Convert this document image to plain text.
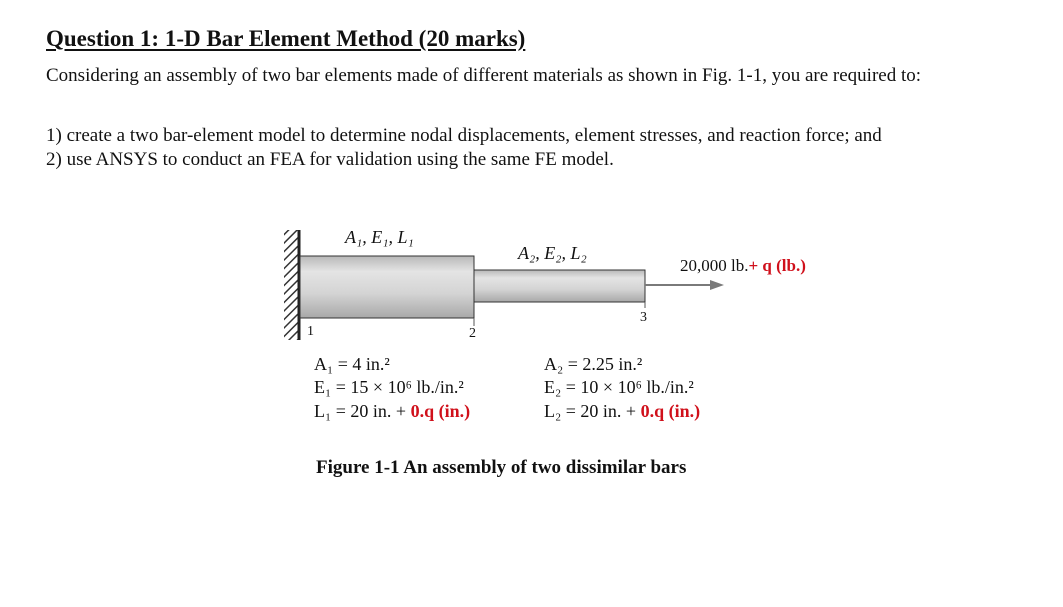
Question 1: 1-D Bar Element Method (20 marks)
Considering an assembly of two bar elements made of different materials as shown in Fig. 1-1, you are required to:
1) create a two bar-element model to determine nodal displacements, element stresses, and reaction force; and
2) use ANSYS to conduct an FEA for validation using the same FE model.
A₁, E₁, L₁
A₂, E₂, L₂
20,000 lb.+ q (lb.)
1	2
3
A₁ = 4 in.²
E₁ = 15 × 10⁶ lb./in.²
L₁ = 20 in. + 0.q (in.)
A₂ = 2.25 in.²
E₂ = 10 × 10⁶ lb./in.²
L₂ = 20 in. + 0.q (in.)
Figure 1-1 An assembly of two dissimilar bars
